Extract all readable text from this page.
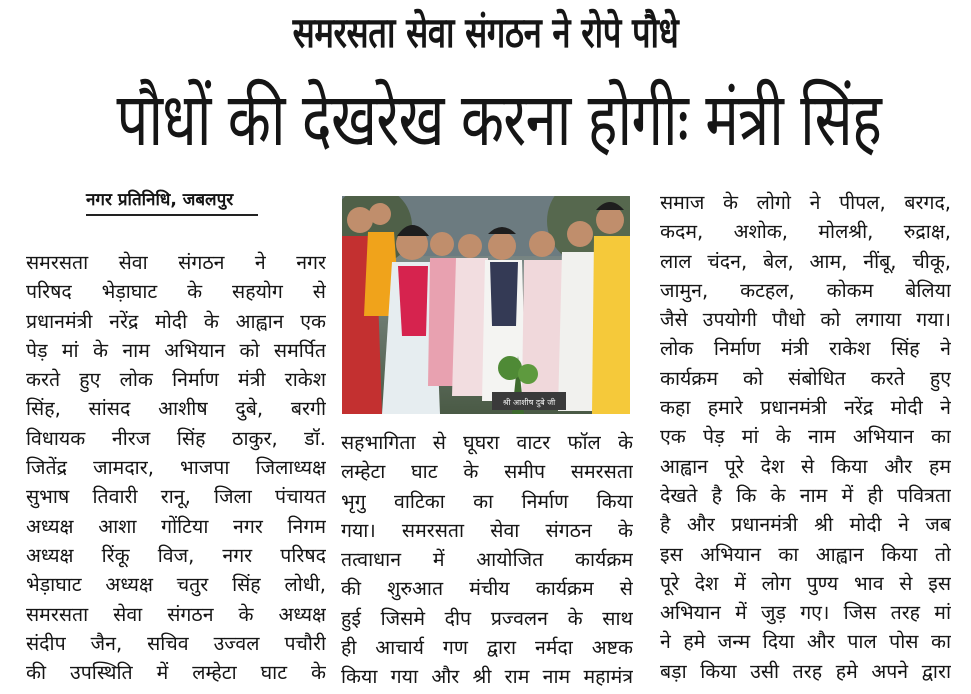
समरसता सेवा संगठन ने रोपे पौधे
पौधों की देखरेख करना होगीः मंत्री सिंह
नगर प्रतिनिधि, जबलपुर

समरसता सेवा संगठन ने नगर

परिषद भेड़ाघाट के सहयोग से

प्रधानमंत्री नरेंद्र मोदी के आह्वान एक

पेड़ मां के नाम अभियान को समर्पित

करते हुए लोक निर्माण मंत्री राकेश

सिंह, सांसद आशीष दुबे, बरगी

विधायक नीरज सिंह ठाकुर, डॉ.

जितेंद्र जामदार, भाजपा जिलाध्यक्ष

सुभाष तिवारी रानू, जिला पंचायत

अध्यक्ष आशा गोंटिया नगर निगम

अध्यक्ष रिंकू विज, नगर परिषद

भेड़ाघाट अध्यक्ष चतुर सिंह लोधी,

समरसता सेवा संगठन के अध्यक्ष

संदीप जैन, सचिव उज्वल पचौरी

की उपस्थिति में लम्हेटा घाट के

श्री आशीष दुबे जी

सहभागिता से घूघरा वाटर फॉल के

लम्हेटा घाट के समीप समरसता

भृगु वाटिका का निर्माण किया

गया। समरसता सेवा संगठन के

तत्वाधान में आयोजित कार्यक्रम

की शुरुआत मंचीय कार्यक्रम से

हुई जिसमे दीप प्रज्वलन के साथ

ही आचार्य गण द्वारा नर्मदा अष्टक

किया गया और श्री राम नाम महामंत्र

समाज के लोगो ने पीपल, बरगद,

कदम, अशोक, मोलश्री, रुद्राक्ष,

लाल चंदन, बेल, आम, नींबू, चीकू,

जामुन, कटहल, कोकम बेलिया

जैसे उपयोगी पौधो को लगाया गया।

लोक निर्माण मंत्री राकेश सिंह ने

कार्यक्रम को संबोधित करते हुए

कहा हमारे प्रधानमंत्री नरेंद्र मोदी ने

एक पेड़ मां के नाम अभियान का

आह्वान पूरे देश से किया और हम

देखते है कि के नाम में ही पवित्रता

है और प्रधानमंत्री श्री मोदी ने जब

इस अभियान का आह्वान किया तो

पूरे देश में लोग पुण्य भाव से इस

अभियान में जुड़ गए। जिस तरह मां

ने हमे जन्म दिया और पाल पोस का

बड़ा किया उसी तरह हमे अपने द्वारा
